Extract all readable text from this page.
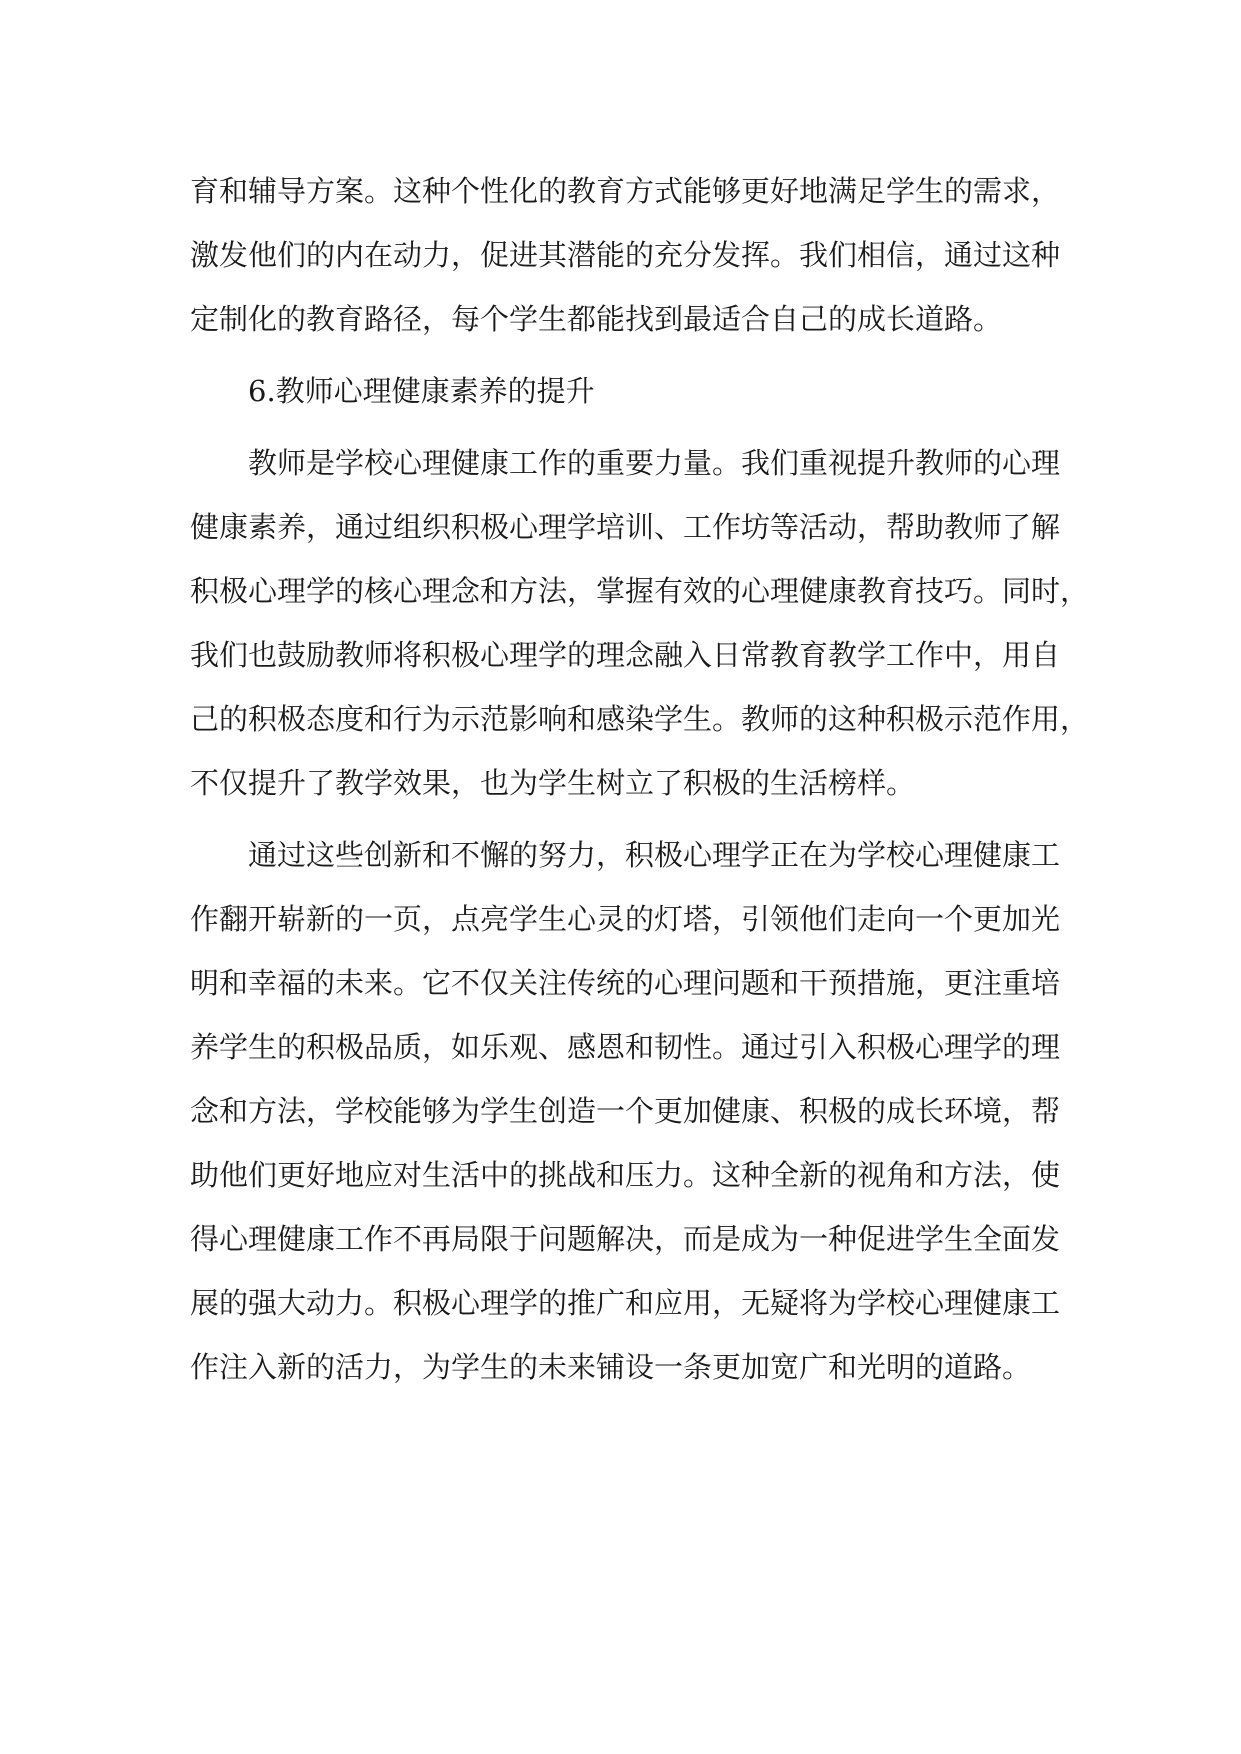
育和辅导方案。这种个性化的教育方式能够更好地满足学生的需求，
激发他们的内在动力，促进其潜能的充分发挥。我们相信，通过这种
定制化的教育路径，每个学生都能找到最适合自己的成长道路。
6.教师心理健康素养的提升
教师是学校心理健康工作的重要力量。我们重视提升教师的心理
健康素养，通过组织积极心理学培训、工作坊等活动，帮助教师了解
积极心理学的核心理念和方法，掌握有效的心理健康教育技巧。同时，
我们也鼓励教师将积极心理学的理念融入日常教育教学工作中，用自
己的积极态度和行为示范影响和感染学生。教师的这种积极示范作用，
不仅提升了教学效果，也为学生树立了积极的生活榜样。
通过这些创新和不懈的努力，积极心理学正在为学校心理健康工
作翻开崭新的一页，点亮学生心灵的灯塔，引领他们走向一个更加光
明和幸福的未来。它不仅关注传统的心理问题和干预措施，更注重培
养学生的积极品质，如乐观、感恩和韧性。通过引入积极心理学的理
念和方法，学校能够为学生创造一个更加健康、积极的成长环境，帮
助他们更好地应对生活中的挑战和压力。这种全新的视角和方法，使
得心理健康工作不再局限于问题解决，而是成为一种促进学生全面发
展的强大动力。积极心理学的推广和应用，无疑将为学校心理健康工
作注入新的活力，为学生的未来铺设一条更加宽广和光明的道路。
